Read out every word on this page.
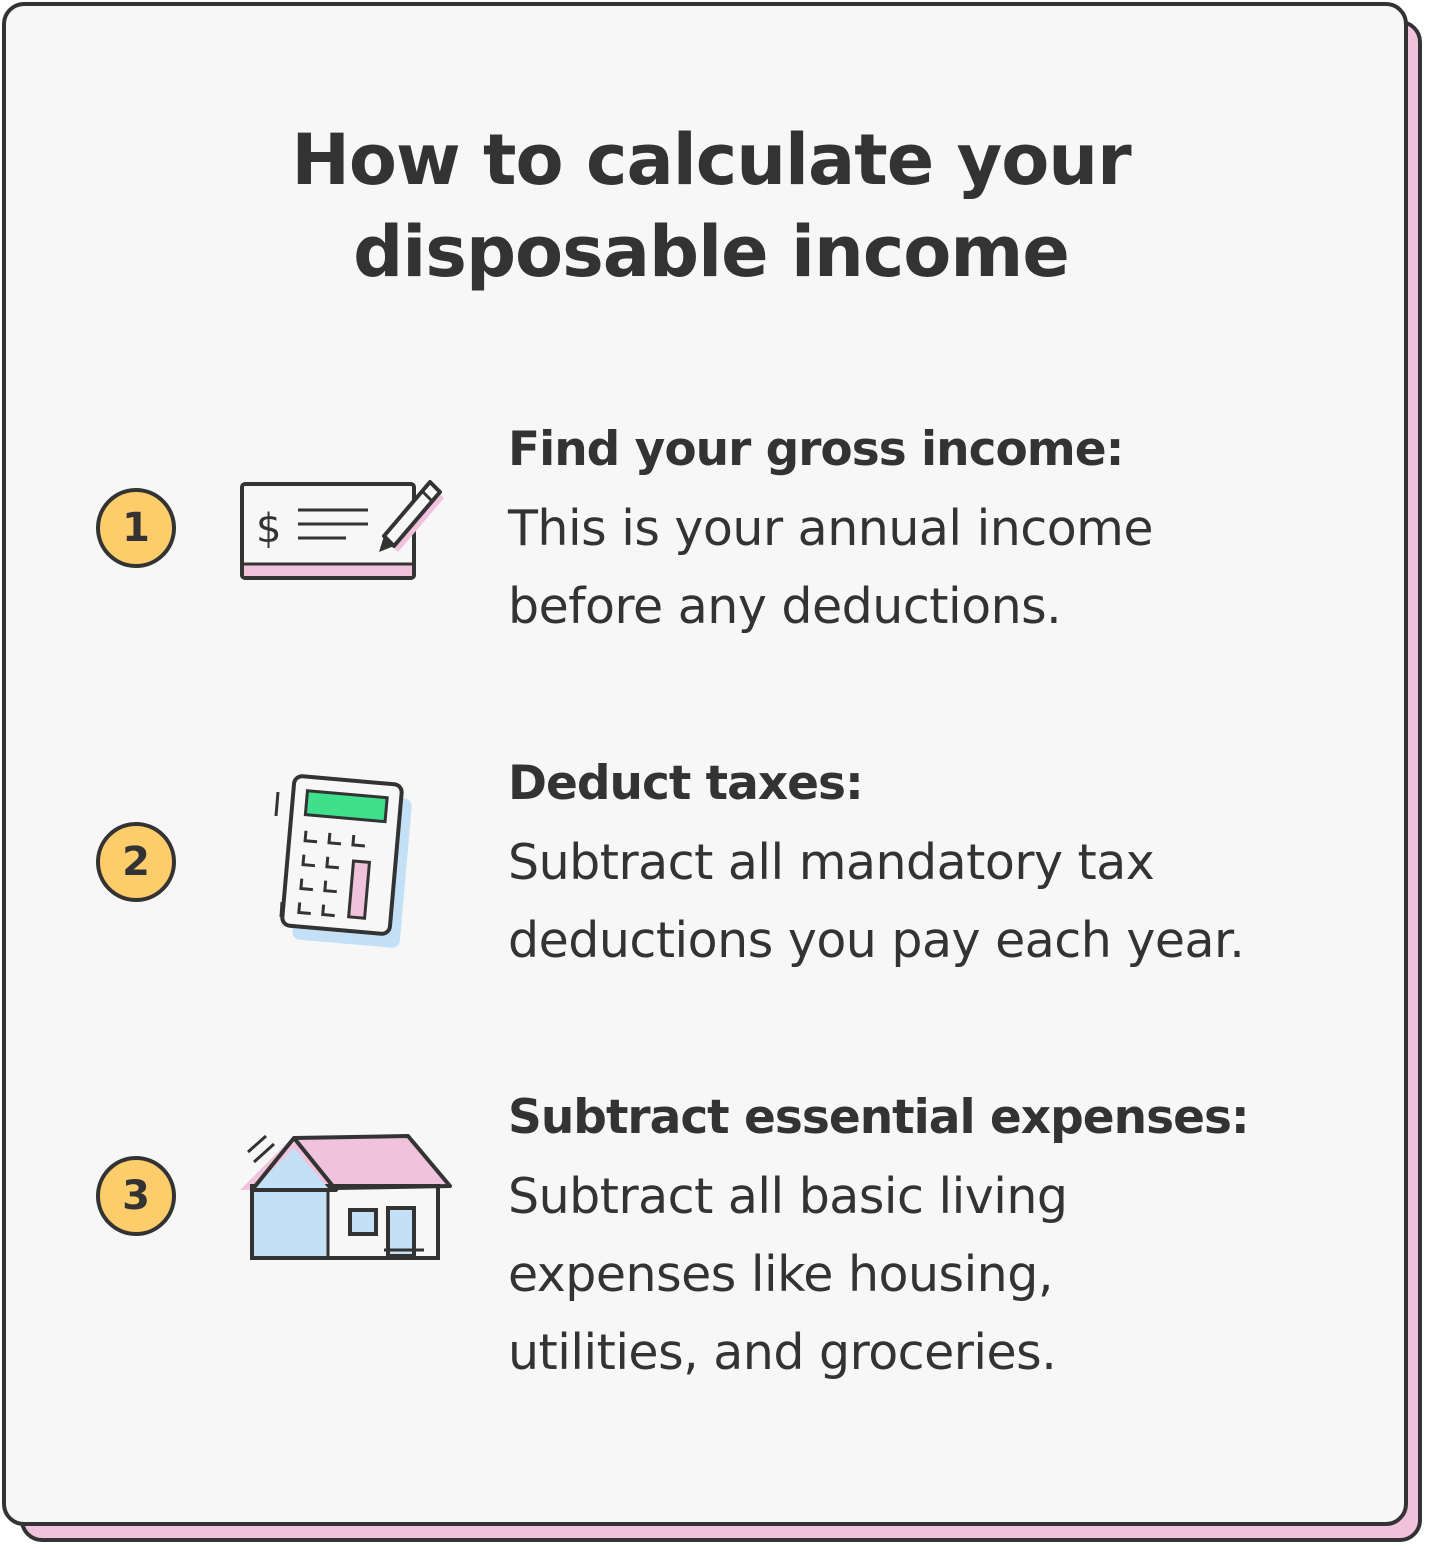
How to calculate your
disposable income
1	$
Find your gross income:
This is your annual income
before any deductions.
2
Deduct taxes:
Subtract all mandatory tax
deductions you pay each year.
3
Subtract essential expenses:
Subtract all basic living
expenses like housing,
utilities, and groceries.
